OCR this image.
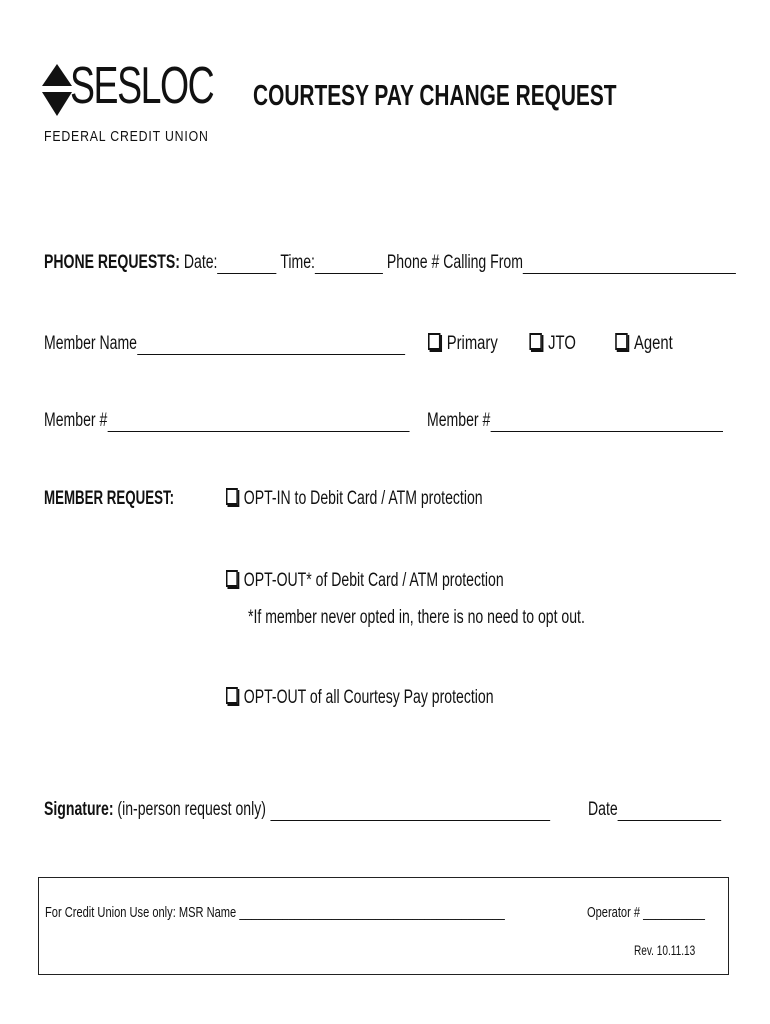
SESLOC
FEDERAL CREDIT UNION
COURTESY PAY CHANGE REQUEST
PHONE REQUESTS: Date:	Time:	Phone # Calling From
Member Name	Primary	JTO	Agent
Member #	Member #
MEMBER REQUEST:	OPT-IN to Debit Card / ATM protection
OPT-OUT* of Debit Card / ATM protection
*If member never opted in, there is no need to opt out.
OPT-OUT of all Courtesy Pay protection
Signature: (in-person request only)	Date
For Credit Union Use only: MSR Name ___________________________________________	Operator # __________
Rev. 10.11.13
